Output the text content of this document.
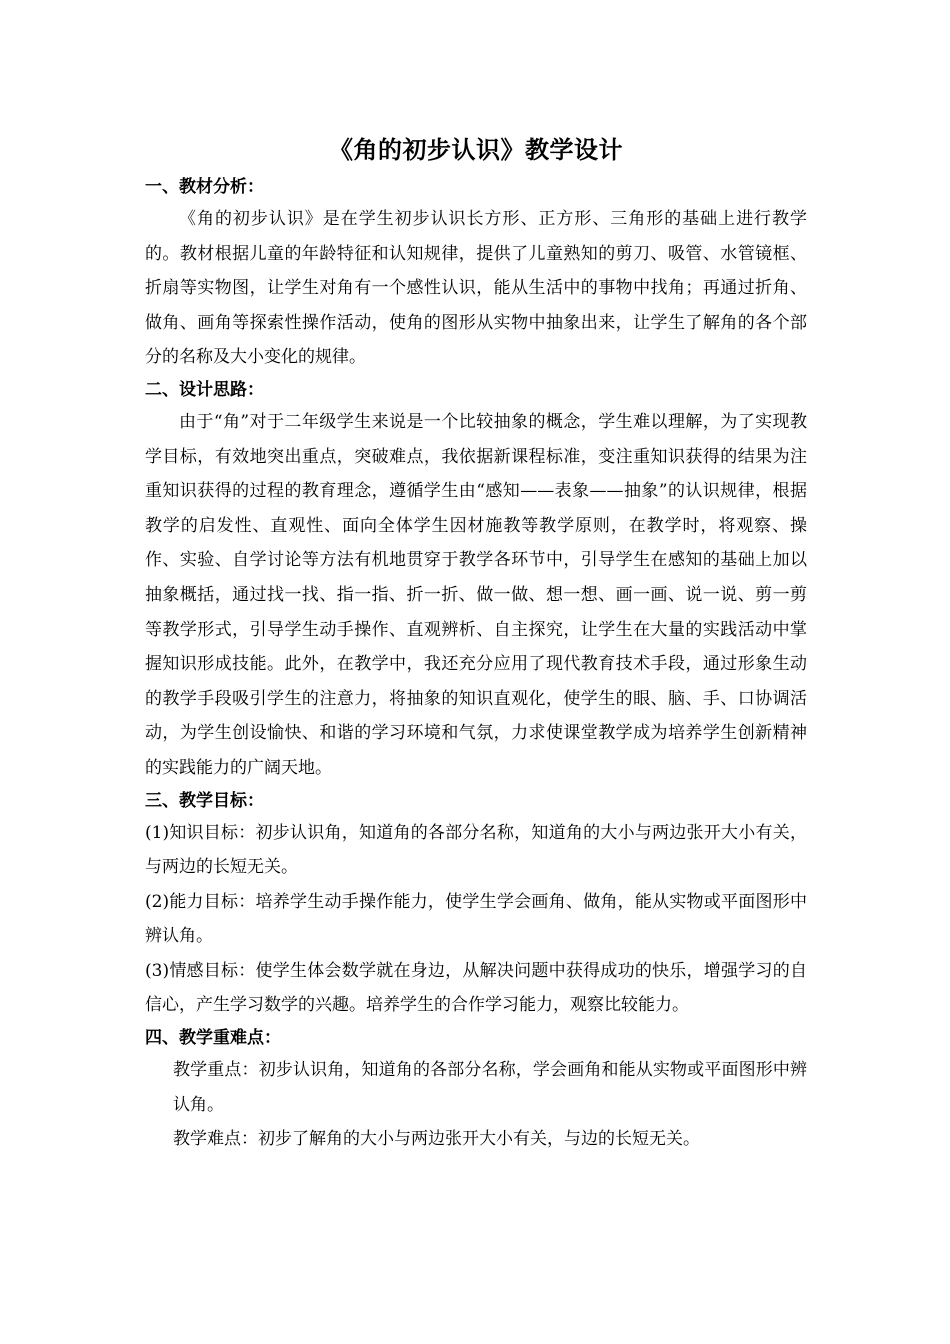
《角的初步认识》教学设计

一、教材分析：

《角的初步认识》是在学生初步认识长方形、正方形、三角形的基础上进行教学的。教材根据儿童的年龄特征和认知规律，提供了儿童熟知的剪刀、吸管、水管镜框、折扇等实物图，让学生对角有一个感性认识，能从生活中的事物中找角；再通过折角、做角、画角等探索性操作活动，使角的图形从实物中抽象出来，让学生了解角的各个部分的名称及大小变化的规律。

二、设计思路：

由于“角”对于二年级学生来说是一个比较抽象的概念，学生难以理解，为了实现教学目标，有效地突出重点，突破难点，我依据新课程标准，变注重知识获得的结果为注重知识获得的过程的教育理念，遵循学生由“感知——表象——抽象”的认识规律，根据教学的启发性、直观性、面向全体学生因材施教等教学原则，在教学时，将观察、操作、实验、自学讨论等方法有机地贯穿于教学各环节中，引导学生在感知的基础上加以抽象概括，通过找一找、指一指、折一折、做一做、想一想、画一画、说一说、剪一剪等教学形式，引导学生动手操作、直观辨析、自主探究，让学生在大量的实践活动中掌握知识形成技能。此外，在教学中，我还充分应用了现代教育技术手段，通过形象生动的教学手段吸引学生的注意力，将抽象的知识直观化，使学生的眼、脑、手、口协调活动，为学生创设愉快、和谐的学习环境和气氛，力求使课堂教学成为培养学生创新精神的实践能力的广阔天地。

三、教学目标：

(1)知识目标：初步认识角，知道角的各部分名称，知道角的大小与两边张开大小有关，与两边的长短无关。

(2)能力目标：培养学生动手操作能力，使学生学会画角、做角，能从实物或平面图形中辨认角。

(3)情感目标：使学生体会数学就在身边，从解决问题中获得成功的快乐，增强学习的自信心，产生学习数学的兴趣。培养学生的合作学习能力，观察比较能力。

四、教学重难点：

教学重点：初步认识角，知道角的各部分名称，学会画角和能从实物或平面图形中辨认角。

教学难点：初步了解角的大小与两边张开大小有关，与边的长短无关。
